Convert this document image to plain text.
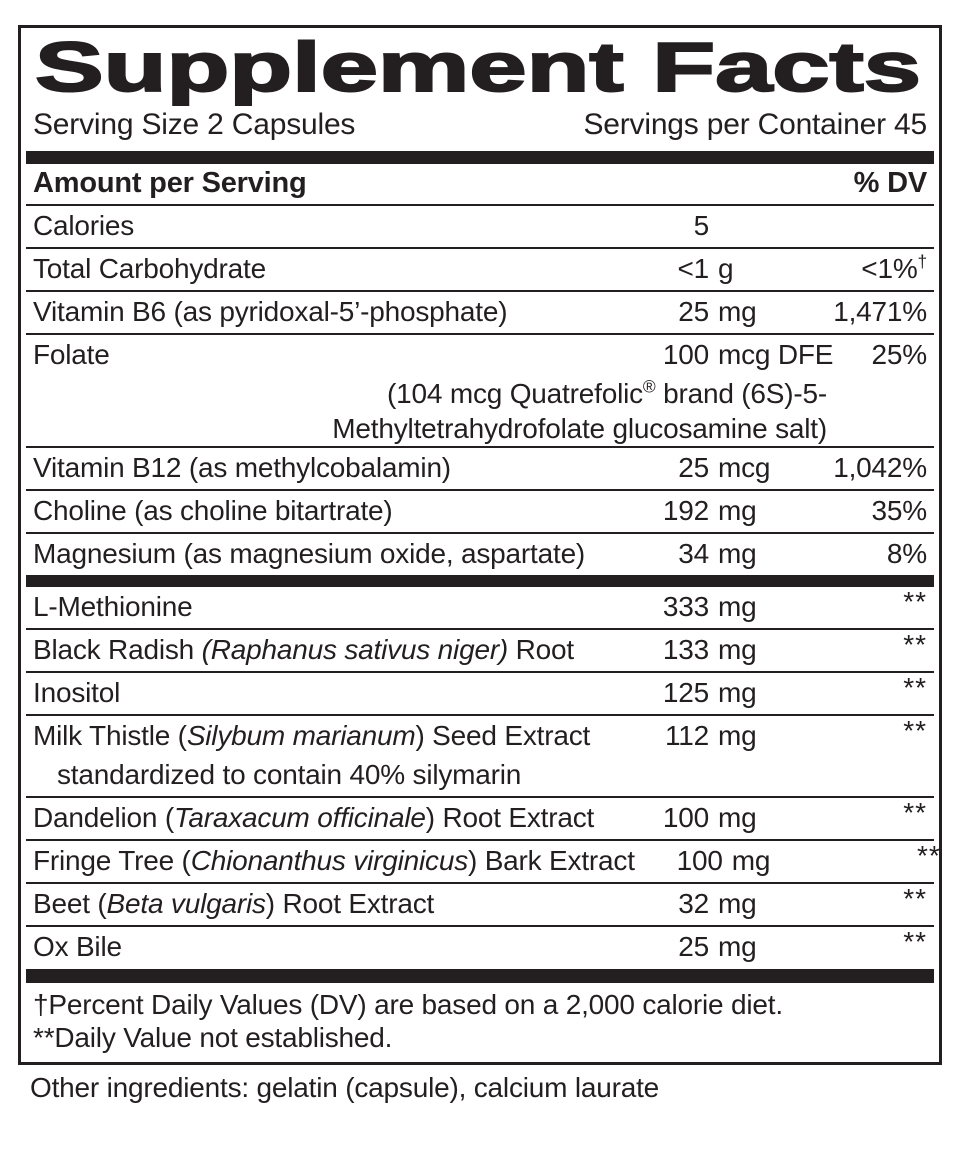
Supplement Facts
Serving Size 2 Capsules	Servings per Container 45
Amount per Serving	% DV
Calories	5
Total Carbohydrate	<1 g	<1%†
Vitamin B6 (as pyridoxal-5’-phosphate)	25 mg	1,471%
Folate	100 mcg DFE	25%
(104 mcg Quatrefolic® brand (6S)-5-
Methyltetrahydrofolate glucosamine salt)
Vitamin B12 (as methylcobalamin)	25 mcg	1,042%
Choline (as choline bitartrate)	192 mg	35%
Magnesium (as magnesium oxide, aspartate)	34 mg	8%
L-Methionine	333 mg	**
Black Radish (Raphanus sativus niger) Root	133 mg	**
Inositol	125 mg	**
Milk Thistle (Silybum marianum) Seed Extract	112 mg	**
standardized to contain 40% silymarin
Dandelion (Taraxacum officinale) Root Extract	100 mg	**
Fringe Tree (Chionanthus virginicus) Bark Extract	100 mg	**
Beet (Beta vulgaris) Root Extract	32 mg	**
Ox Bile	25 mg	**
†Percent Daily Values (DV) are based on a 2,000 calorie diet.
**Daily Value not established.
Other ingredients: gelatin (capsule), calcium laurate
